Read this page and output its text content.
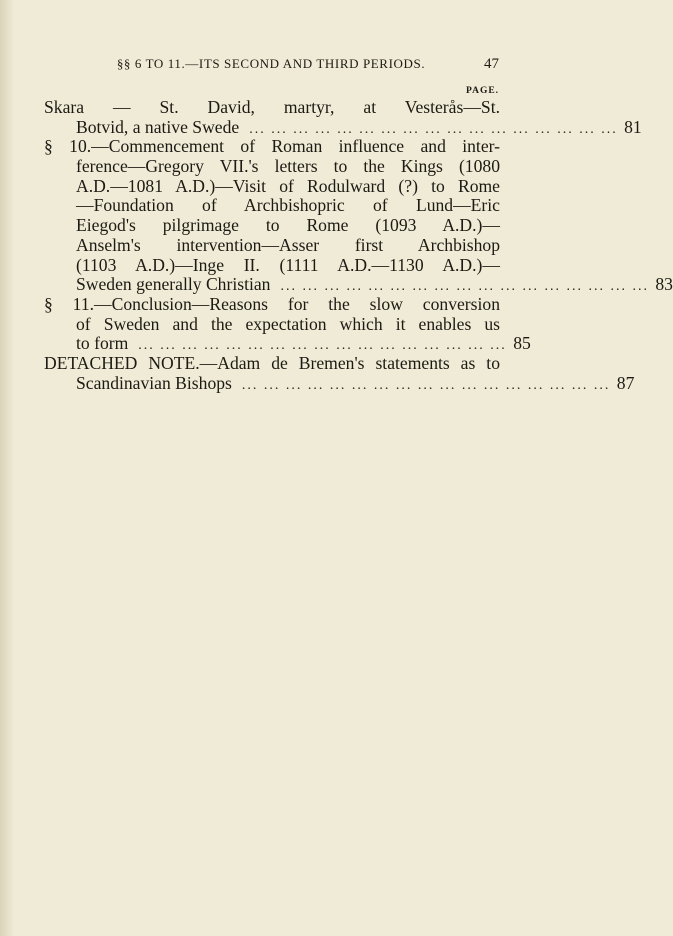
§§ 6 TO 11.—ITS SECOND AND THIRD PERIODS.	47
PAGE.
Skara — St. David, martyr, at Vesterås—St.
Botvid, a native Swede ... ... ... ... ... ... ... ... ... ... ... ... ... ... ... ... ... 81
§ 10.—Commencement of Roman influence and inter-
ference—Gregory VII.'s letters to the Kings (1080
A.D.—1081 A.D.)—Visit of Rodulward (?) to Rome
—Foundation of Archbishopric of Lund—Eric
Eiegod's pilgrimage to Rome (1093 A.D.)—
Anselm's intervention—Asser first Archbishop
(1103 A.D.)—Inge II. (1111 A.D.—1130 A.D.)—
Sweden generally Christian ... ... ... ... ... ... ... ... ... ... ... ... ... ... ... ... ... 83
§ 11.—Conclusion—Reasons for the slow conversion
of Sweden and the expectation which it enables us
to form ... ... ... ... ... ... ... ... ... ... ... ... ... ... ... ... ... 85
DETACHED NOTE.—Adam de Bremen's statements as to
Scandinavian Bishops ... ... ... ... ... ... ... ... ... ... ... ... ... ... ... ... ... 87
